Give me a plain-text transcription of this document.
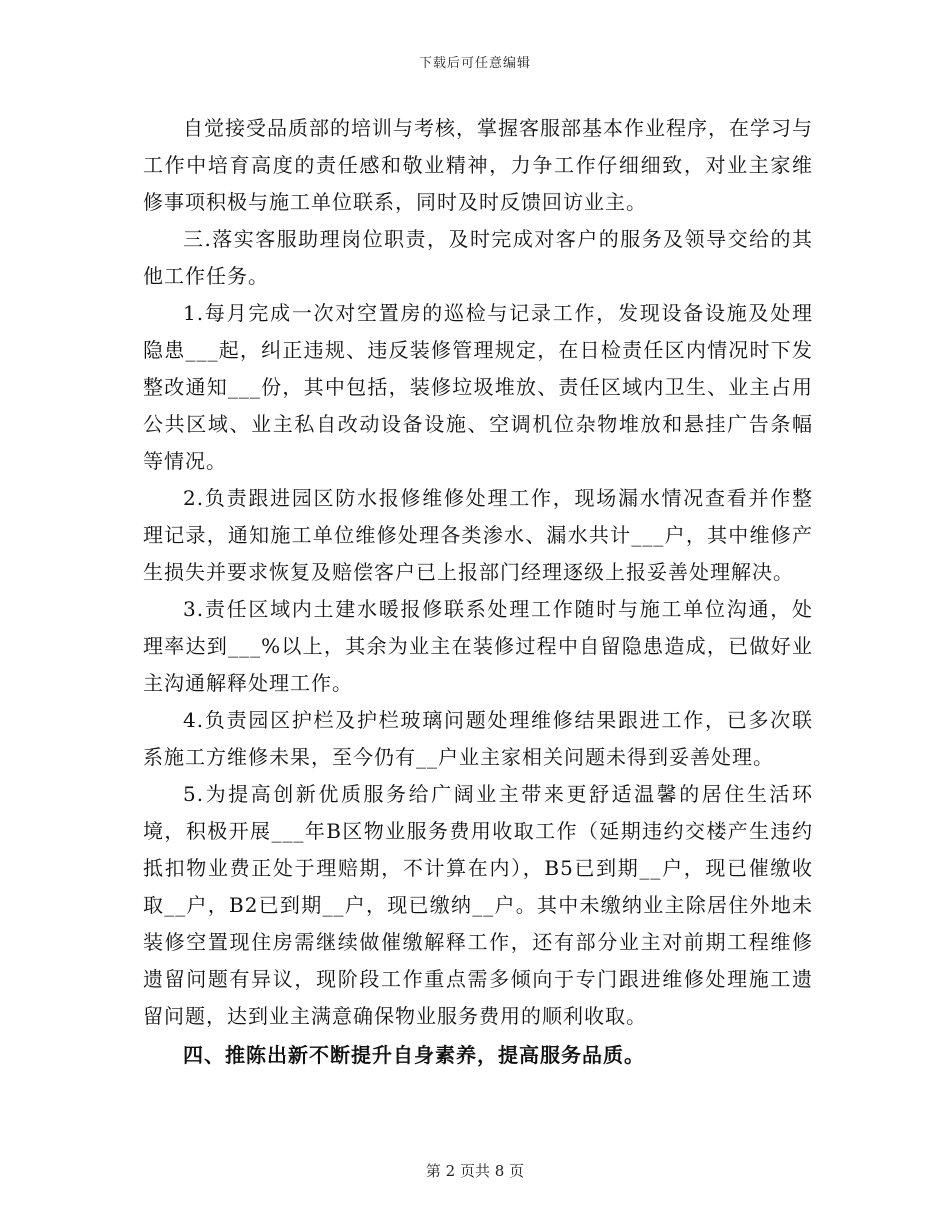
下载后可任意编辑

自觉接受品质部的培训与考核，掌握客服部基本作业程序，在学习与工作中培育高度的责任感和敬业精神，力争工作仔细细致，对业主家维修事项积极与施工单位联系，同时及时反馈回访业主。

三.落实客服助理岗位职责，及时完成对客户的服务及领导交给的其他工作任务。

1.每月完成一次对空置房的巡检与记录工作，发现设备设施及处理隐患___起，纠正违规、违反装修管理规定，在日检责任区内情况时下发整改通知___份，其中包括，装修垃圾堆放、责任区域内卫生、业主占用公共区域、业主私自改动设备设施、空调机位杂物堆放和悬挂广告条幅等情况。

2.负责跟进园区防水报修维修处理工作，现场漏水情况查看并作整理记录，通知施工单位维修处理各类渗水、漏水共计___户，其中维修产生损失并要求恢复及赔偿客户已上报部门经理逐级上报妥善处理解决。

3.责任区域内土建水暖报修联系处理工作随时与施工单位沟通，处理率达到___%以上，其余为业主在装修过程中自留隐患造成，已做好业主沟通解释处理工作。

4.负责园区护栏及护栏玻璃问题处理维修结果跟进工作，已多次联系施工方维修未果，至今仍有__户业主家相关问题未得到妥善处理。

5.为提高创新优质服务给广阔业主带来更舒适温馨的居住生活环境，积极开展___年B区物业服务费用收取工作（延期违约交楼产生违约抵扣物业费正处于理赔期，不计算在内），B5已到期__户，现已催缴收取__户，B2已到期__户，现已缴纳__户。其中未缴纳业主除居住外地未装修空置现住房需继续做催缴解释工作，还有部分业主对前期工程维修遗留问题有异议，现阶段工作重点需多倾向于专门跟进维修处理施工遗留问题，达到业主满意确保物业服务费用的顺利收取。

四、推陈出新不断提升自身素养，提高服务品质。

第 2 页共 8 页
